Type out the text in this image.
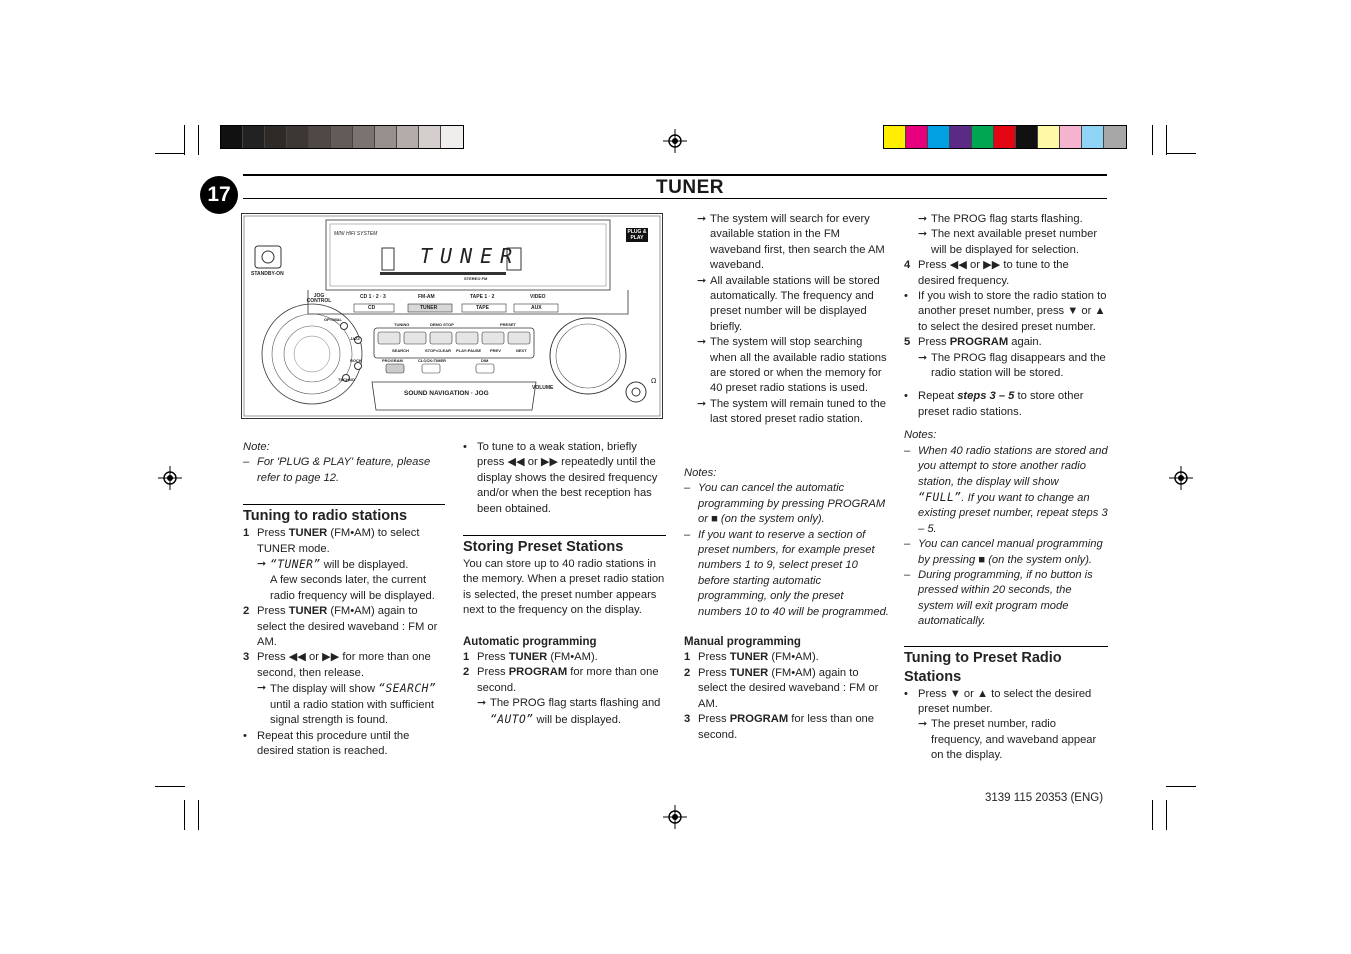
17	TUNER
Ω
MINI HIFI SYSTEM
TUNER
STEREO FM
PLUG &
PLAY
STANDBY-ON
JOG CONTROL
CD 1 · 2 · 3	FM-AM	TAPE 1 · 2	VIDEO
CD	TUNER	TAPE	AUX
TUNING	DEMO STOP	PRESET
SEARCH	STOP•CLEAR PLAY•PAUSE PREV	NEXT
PROGRAM	CLOCK•TIMER	DIM
OPTIMAL
JAZZ
ROCK
TECHNO
SOUND NAVIGATION · JOG
VOLUME

Note:

– For 'PLUG & PLAY' feature, please refer to page 12.

Tuning to radio stations

1 Press TUNER (FM•AM) to select TUNER mode.

➞ “TUNER” will be displayed.

A few seconds later, the current radio frequency will be displayed.

2 Press TUNER (FM•AM) again to select the desired waveband : FM or AM.

3 Press ◀◀ or ▶▶ for more than one second, then release.

➞ The display will show “SEARCH” until a radio station with sufficient signal strength is found.

• Repeat this procedure until the desired station is reached.

• To tune to a weak station, briefly press ◀◀ or ▶▶ repeatedly until the display shows the desired frequency and/or when the best reception has been obtained.

Storing Preset Stations

You can store up to 40 radio stations in the memory. When a preset radio station is selected, the preset number appears next to the frequency on the display.

Automatic programming

1 Press TUNER (FM•AM).

2 Press PROGRAM for more than one second.

➞ The PROG flag starts flashing and “AUTO” will be displayed.

➞ The system will search for every available station in the FM waveband first, then search the AM waveband.

➞ All available stations will be stored automatically. The frequency and preset number will be displayed briefly.

➞ The system will stop searching when all the available radio stations are stored or when the memory for 40 preset radio stations is used.

➞ The system will remain tuned to the last stored preset radio station.

Notes:

– You can cancel the automatic programming by pressing PROGRAM or ■ (on the system only).

– If you want to reserve a section of preset numbers, for example preset numbers 1 to 9, select preset 10 before starting automatic programming, only the preset numbers 10 to 40 will be programmed.

Manual programming

1 Press TUNER (FM•AM).

2 Press TUNER (FM•AM) again to select the desired waveband : FM or AM.

3 Press PROGRAM for less than one second.

➞ The PROG flag starts flashing.

➞ The next available preset number will be displayed for selection.

4 Press ◀◀ or ▶▶ to tune to the desired frequency.

• If you wish to store the radio station to another preset number, press ▼ or ▲ to select the desired preset number.

5 Press PROGRAM again.

➞ The PROG flag disappears and the radio station will be stored.

• Repeat steps 3 – 5 to store other preset radio stations.

Notes:

– When 40 radio stations are stored and you attempt to store another radio station, the display will show “FULL”. If you want to change an existing preset number, repeat steps 3 – 5.

– You can cancel manual programming by pressing ■ (on the system only).

– During programming, if no button is pressed within 20 seconds, the system will exit program mode automatically.

Tuning to Preset Radio Stations

• Press ▼ or ▲ to select the desired preset number.

➞ The preset number, radio frequency, and waveband appear on the display.

3139 115 20353 (ENG)
